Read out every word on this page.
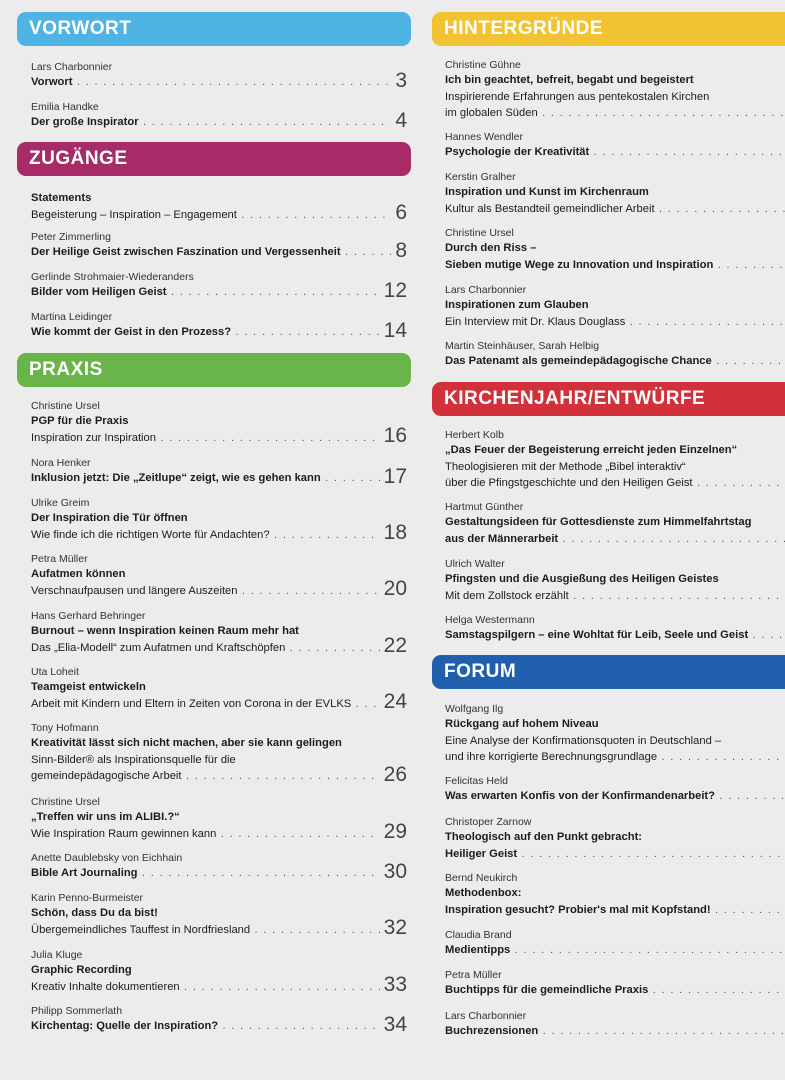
VORWORT
Lars Charbonnier
Vorwort . . .	3
Emilia Handke
Der große Inspirator . . .	4
ZUGÄNGE
Statements
Begeisterung – Inspiration – Engagement . . .	6
Peter Zimmerling
Der Heilige Geist zwischen Faszination und Vergessenheit . . .	8
Gerlinde Strohmaier-Wiederanders
Bilder vom Heiligen Geist . . .	12
Martina Leidinger
Wie kommt der Geist in den Prozess? . . .	14
PRAXIS
Christine Ursel
PGP für die Praxis
Inspiration zur Inspiration . . .	16
Nora Henker
Inklusion jetzt: Die „Zeitlupe“ zeigt, wie es gehen kann . . .	17
Ulrike Greim
Der Inspiration die Tür öffnen
Wie finde ich die richtigen Worte für Andachten? . . .	18
Petra Müller
Aufatmen können
Verschnaufpausen und längere Auszeiten . . .	20
Hans Gerhard Behringer
Burnout – wenn Inspiration keinen Raum mehr hat
Das „Elia-Modell“ zum Aufatmen und Kraftschöpfen . . .	22
Uta Loheit
Teamgeist entwickeln
Arbeit mit Kindern und Eltern in Zeiten von Corona in der EVLKS . . .	24
Tony Hofmann
Kreativität lässt sich nicht machen, aber sie kann gelingen
Sinn-Bilder® als Inspirationsquelle für die
gemeindepädagogische Arbeit . . .	26
Christine Ursel
„Treffen wir uns im ALIBI.?“
Wie Inspiration Raum gewinnen kann . . .	29
Anette Daublebsky von Eichhain
Bible Art Journaling . . .	30
Karin Penno-Burmeister
Schön, dass Du da bist!
Übergemeindliches Tauffest in Nordfriesland . . .	32
Julia Kluge
Graphic Recording
Kreativ Inhalte dokumentieren . . .	33
Philipp Sommerlath
Kirchentag: Quelle der Inspiration? . . .	34
HINTERGRÜNDE
Christine Gühne
Ich bin geachtet, befreit, begabt und begeistert
Inspirierende Erfahrungen aus pentekostalen Kirchen
im globalen Süden . . .
Hannes Wendler
Psychologie der Kreativität . . .
Kerstin Gralher
Inspiration und Kunst im Kirchenraum
Kultur als Bestandteil gemeindlicher Arbeit . . .
Christine Ursel
Durch den Riss –
Sieben mutige Wege zu Innovation und Inspiration . . .
Lars Charbonnier
Inspirationen zum Glauben
Ein Interview mit Dr. Klaus Douglass . . .
Martin Steinhäuser, Sarah Helbig
Das Patenamt als gemeindepädagogische Chance . . .
KIRCHENJAHR/ENTWÜRFE
Herbert Kolb
„Das Feuer der Begeisterung erreicht jeden Einzelnen“
Theologisieren mit der Methode „Bibel interaktiv“
über die Pfingstgeschichte und den Heiligen Geist . . .
Hartmut Günther
Gestaltungsideen für Gottesdienste zum Himmelfahrtstag
aus der Männerarbeit . . .
Ulrich Walter
Pfingsten und die Ausgießung des Heiligen Geistes
Mit dem Zollstock erzählt . . .
Helga Westermann
Samstagspilgern – eine Wohltat für Leib, Seele und Geist . . .
FORUM
Wolfgang Ilg
Rückgang auf hohem Niveau
Eine Analyse der Konfirmationsquoten in Deutschland –
und ihre korrigierte Berechnungsgrundlage . . .
Felicitas Held
Was erwarten Konfis von der Konfirmandenarbeit? . . .
Christoper Zarnow
Theologisch auf den Punkt gebracht:
Heiliger Geist . . .
Bernd Neukirch
Methodenbox:
Inspiration gesucht? Probier's mal mit Kopfstand! . . .
Claudia Brand
Medientipps . . .
Petra Müller
Buchtipps für die gemeindliche Praxis . . .
Lars Charbonnier
Buchrezensionen . . .
